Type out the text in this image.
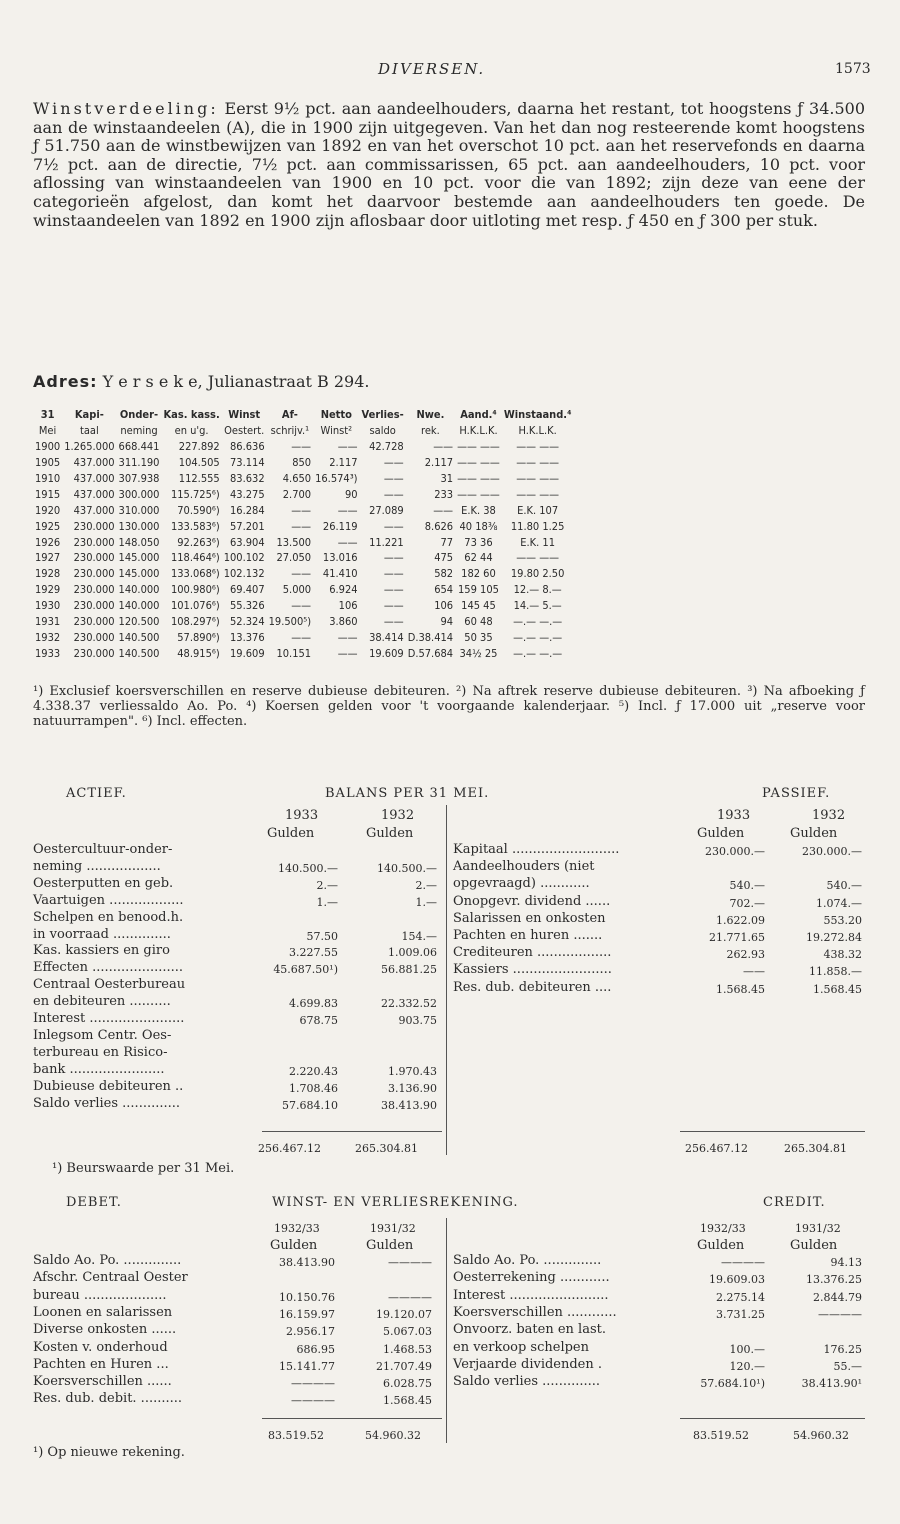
DIVERSEN.	1573

Winstverdeeling: Eerst 9½ pct. aan aandeelhouders, daarna het restant, tot hoogstens ƒ 34.500 aan de winstaandeelen (A), die in 1900 zijn uitgegeven. Van het dan nog resteerende komt hoogstens ƒ 51.750 aan de winstbewijzen van 1892 en van het overschot 10 pct. aan het reservefonds en daarna 7½ pct. aan de directie, 7½ pct. aan commissarissen, 65 pct. aan aandeelhouders, 10 pct. voor aflossing van winstaandeelen van 1900 en 10 pct. voor die van 1892; zijn deze van eene der categorieën afgelost, dan komt het daarvoor bestemde aan aandeelhouders ten goede. De winstaandeelen van 1892 en 1900 zijn aflosbaar door uitloting met resp. ƒ 450 en ƒ 300 per stuk.

Adres: Y e r s e k e, Julianastraat B 294.
31	Kapi-	Onder-	Kas. kass.	Winst	Af-	Netto	Verlies-	Nwe.	Aand.⁴	Winstaand.⁴
Mei	taal	neming	en u'g.	Oestert.	schrijv.¹	Winst²	saldo	rek.	H.K.L.K.	H.K.L.K.
1900	1.265.000	668.441	227.892	86.636	——	——	42.728	——	—— ——	—— ——
1905	437.000	311.190	104.505	73.114	850	2.117	——	2.117	—— ——	—— ——
1910	437.000	307.938	112.555	83.632	4.650	16.574³)	——	31	—— ——	—— ——
1915	437.000	300.000	115.725⁶)	43.275	2.700	90	——	233	—— ——	—— ——
1920	437.000	310.000	70.590⁶)	16.284	——	——	27.089	——	E.K. 38	E.K. 107
1925	230.000	130.000	133.583⁶)	57.201	——	26.119	——	8.626	40 18⅜	11.80 1.25
1926	230.000	148.050	92.263⁶)	63.904	13.500	——	11.221	77	73 36	E.K. 11
1927	230.000	145.000	118.464⁶)	100.102	27.050	13.016	——	475	62 44	—— ——
1928	230.000	145.000	133.068⁶)	102.132	——	41.410	——	582	182 60	19.80 2.50
1929	230.000	140.000	100.980⁶)	69.407	5.000	6.924	——	654	159 105	12.— 8.—
1930	230.000	140.000	101.076⁶)	55.326	——	106	——	106	145 45	14.— 5.—
1931	230.000	120.500	108.297⁶)	52.324	19.500⁵)	3.860	——	94	60 48	—.— —.—
1932	230.000	140.500	57.890⁶)	13.376	——	——	38.414	D.38.414	50 35	—.— —.—
1933	230.000	140.500	48.915⁶)	19.609	10.151	——	19.609	D.57.684	34½ 25	—.— —.—
¹) Exclusief koersverschillen en reserve dubieuse debiteuren. ²) Na aftrek reserve dubieuse debiteuren. ³) Na afboeking ƒ 4.338.37 verliessaldo Ao. Po. ⁴) Koersen gelden voor 't voorgaande kalenderjaar. ⁵) Incl. ƒ 17.000 uit „reserve voor natuurrampen". ⁶) Incl. effecten.
ACTIEF.	BALANS PER 31 MEI.	PASSIEF.
1933	1932
Gulden	Gulden
1933	1932
Gulden	Gulden
Oestercultuur-onder-
neming ..................	140.500.—	140.500.—
Oesterputten en geb.	2.—	2.—
Vaartuigen ..................	1.—	1.—
Schelpen en benood.h.
in voorraad ..............	57.50	154.—
Kas. kassiers en giro	3.227.55	1.009.06
Effecten ......................	45.687.50¹)	56.881.25
Centraal Oesterbureau
en debiteuren ..........	4.699.83	22.332.52
Interest .......................	678.75	903.75
Inlegsom Centr. Oes-
terbureau en Risico-
bank .......................	2.220.43	1.970.43
Dubieuse debiteuren ..	1.708.46	3.136.90
Saldo verlies ..............	57.684.10	38.413.90
Kapitaal ..........................	230.000.—	230.000.—
Aandeelhouders (niet
opgevraagd) ............	540.—	540.—
Onopgevr. dividend ......	702.—	1.074.—
Salarissen en onkosten	1.622.09	553.20
Pachten en huren .......	21.771.65	19.272.84
Crediteuren ..................	262.93	438.32
Kassiers ........................	——	11.858.—
Res. dub. debiteuren ....	1.568.45	1.568.45
256.467.12	265.304.81	256.467.12	265.304.81
¹) Beurswaarde per 31 Mei.
DEBET.	WINST- EN VERLIESREKENING.	CREDIT.
1932/33	1931/32
Gulden	Gulden
1932/33	1931/32
Gulden	Gulden
Saldo Ao. Po. ..............	38.413.90	————
Afschr. Centraal Oester
bureau ....................	10.150.76	————
Loonen en salarissen	16.159.97	19.120.07
Diverse onkosten ......	2.956.17	5.067.03
Kosten v. onderhoud	686.95	1.468.53
Pachten en Huren ...	15.141.77	21.707.49
Koersverschillen ......	————	6.028.75
Res. dub. debit. ..........	————	1.568.45
Saldo Ao. Po. ..............	————	94.13
Oesterrekening ............	19.609.03	13.376.25
Interest ........................	2.275.14	2.844.79
Koersverschillen ............	3.731.25	————
Onvoorz. baten en last.
en verkoop schelpen	100.—	176.25
Verjaarde dividenden .	120.—	55.—
Saldo verlies ..............	57.684.10¹)	38.413.90¹
83.519.52	54.960.32	83.519.52	54.960.32
¹) Op nieuwe rekening.
